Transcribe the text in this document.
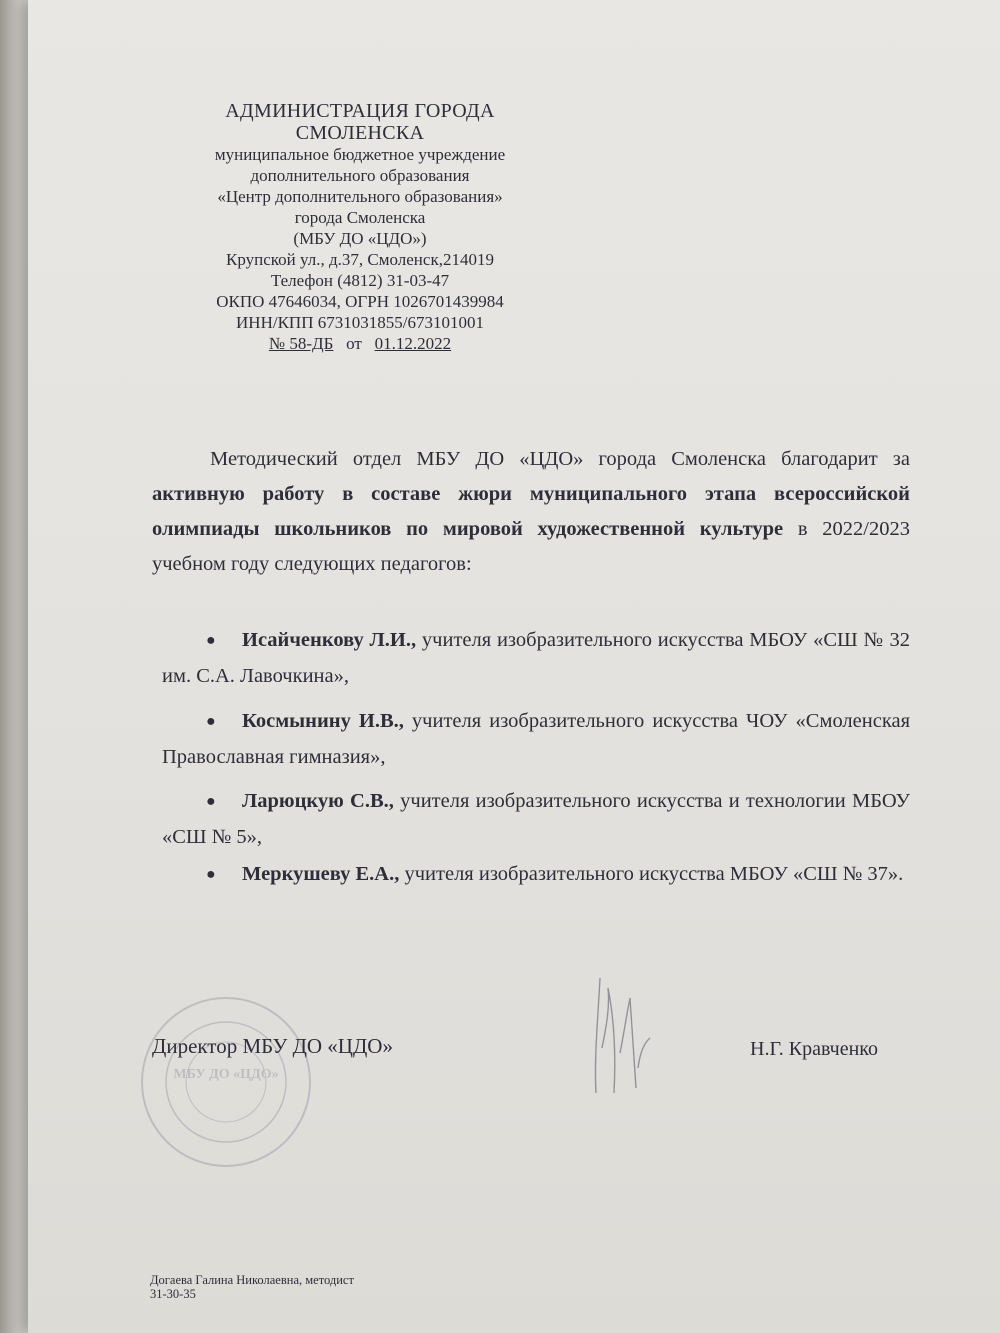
АДМИНИСТРАЦИЯ ГОРОДА
СМОЛЕНСКА
муниципальное бюджетное учреждение
дополнительного образования
«Центр дополнительного образования»
города Смоленска
(МБУ ДО «ЦДО»)
Крупской ул., д.37, Смоленск,214019
Телефон (4812) 31-03-47
ОКПО 47646034, ОГРН 1026701439984
ИНН/КПП 6731031855/673101001
№ 58-ДБ от 01.12.2022
Методический отдел МБУ ДО «ЦДО» города Смоленска благодарит за активную работу в составе жюри муниципального этапа всероссийской олимпиады школьников по мировой художественной культуре в 2022/2023 учебном году следующих педагогов:
●	Исайченкову Л.И., учителя изобразительного искусства МБОУ «СШ № 32 им. С.А. Лавочкина»,
●	Космынину И.В., учителя изобразительного искусства ЧОУ «Смоленская Православная гимназия»,
●	Ларюцкую С.В., учителя изобразительного искусства и технологии МБОУ «СШ № 5»,
●	Меркушеву Е.А., учителя изобразительного искусства МБОУ «СШ № 37».
МБУ ДО «ЦДО»
Директор МБУ ДО «ЦДО»	Н.Г. Кравченко
Догаева Галина Николаевна, методист
31-30-35
